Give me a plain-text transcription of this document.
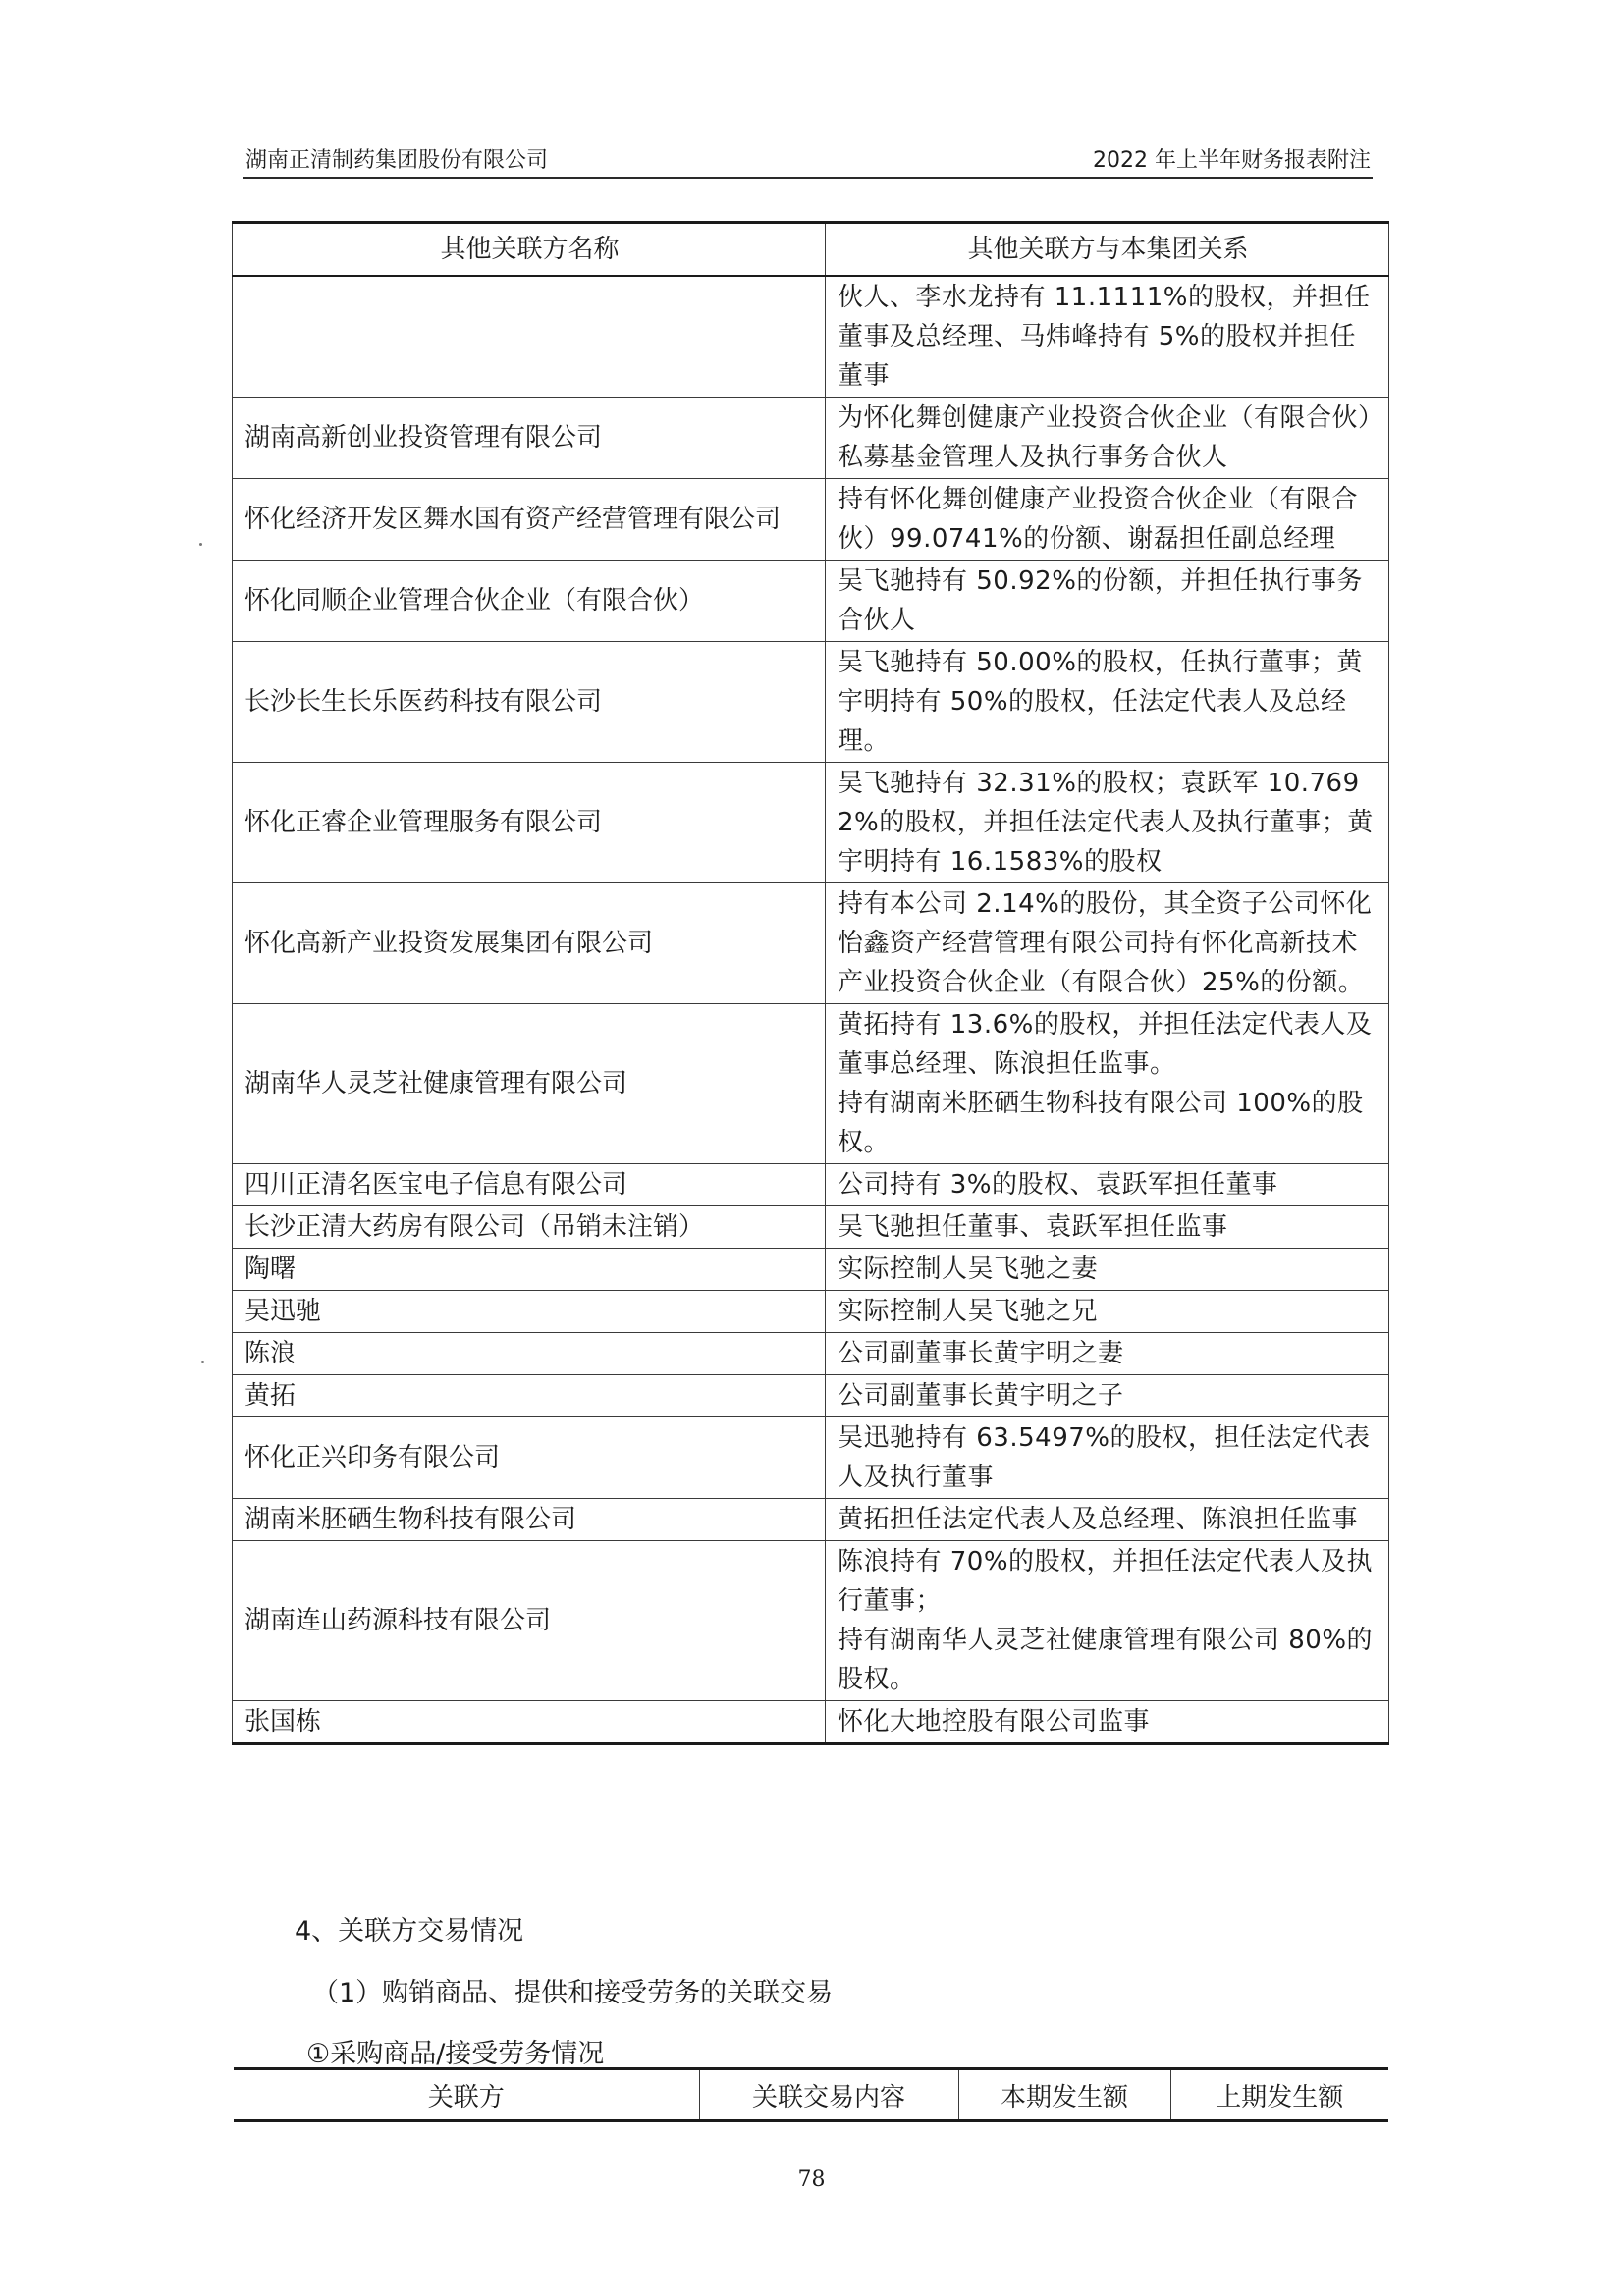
湖南正清制药集团股份有限公司	2022 年上半年财务报表附注
其他关联方名称	其他关联方与本集团关系
	伙人、李水龙持有 11.1111%的股权，并担任董事及总经理、马炜峰持有 5%的股权并担任董事
湖南高新创业投资管理有限公司	为怀化舞创健康产业投资合伙企业（有限合伙）私募基金管理人及执行事务合伙人
怀化经济开发区舞水国有资产经营管理有限公司	持有怀化舞创健康产业投资合伙企业（有限合伙）99.0741%的份额、谢磊担任副总经理
怀化同顺企业管理合伙企业（有限合伙）	吴飞驰持有 50.92%的份额，并担任执行事务合伙人
长沙长生长乐医药科技有限公司	吴飞驰持有 50.00%的股权，任执行董事；黄宇明持有 50%的股权，任法定代表人及总经理。
怀化正睿企业管理服务有限公司	吴飞驰持有 32.31%的股权；袁跃军 10.7692%的股权，并担任法定代表人及执行董事；黄宇明持有 16.1583%的股权
怀化高新产业投资发展集团有限公司	持有本公司 2.14%的股份，其全资子公司怀化怡鑫资产经营管理有限公司持有怀化高新技术产业投资合伙企业（有限合伙）25%的份额。
湖南华人灵芝社健康管理有限公司	黄拓持有 13.6%的股权，并担任法定代表人及董事总经理、陈浪担任监事。
持有湖南米胚硒生物科技有限公司 100%的股权。

四川正清名医宝电子信息有限公司	公司持有 3%的股权、袁跃军担任董事
长沙正清大药房有限公司（吊销未注销）	吴飞驰担任董事、袁跃军担任监事
陶曙	实际控制人吴飞驰之妻
吴迅驰	实际控制人吴飞驰之兄
陈浪	公司副董事长黄宇明之妻
黄拓	公司副董事长黄宇明之子
怀化正兴印务有限公司	吴迅驰持有 63.5497%的股权，担任法定代表人及执行董事
湖南米胚硒生物科技有限公司	黄拓担任法定代表人及总经理、陈浪担任监事
湖南连山药源科技有限公司	陈浪持有 70%的股权，并担任法定代表人及执行董事；
持有湖南华人灵芝社健康管理有限公司 80%的股权。

张国栋	怀化大地控股有限公司监事
4、关联方交易情况
（1）购销商品、提供和接受劳务的关联交易
①采购商品/接受劳务情况
关联方	关联交易内容	本期发生额	上期发生额
78
